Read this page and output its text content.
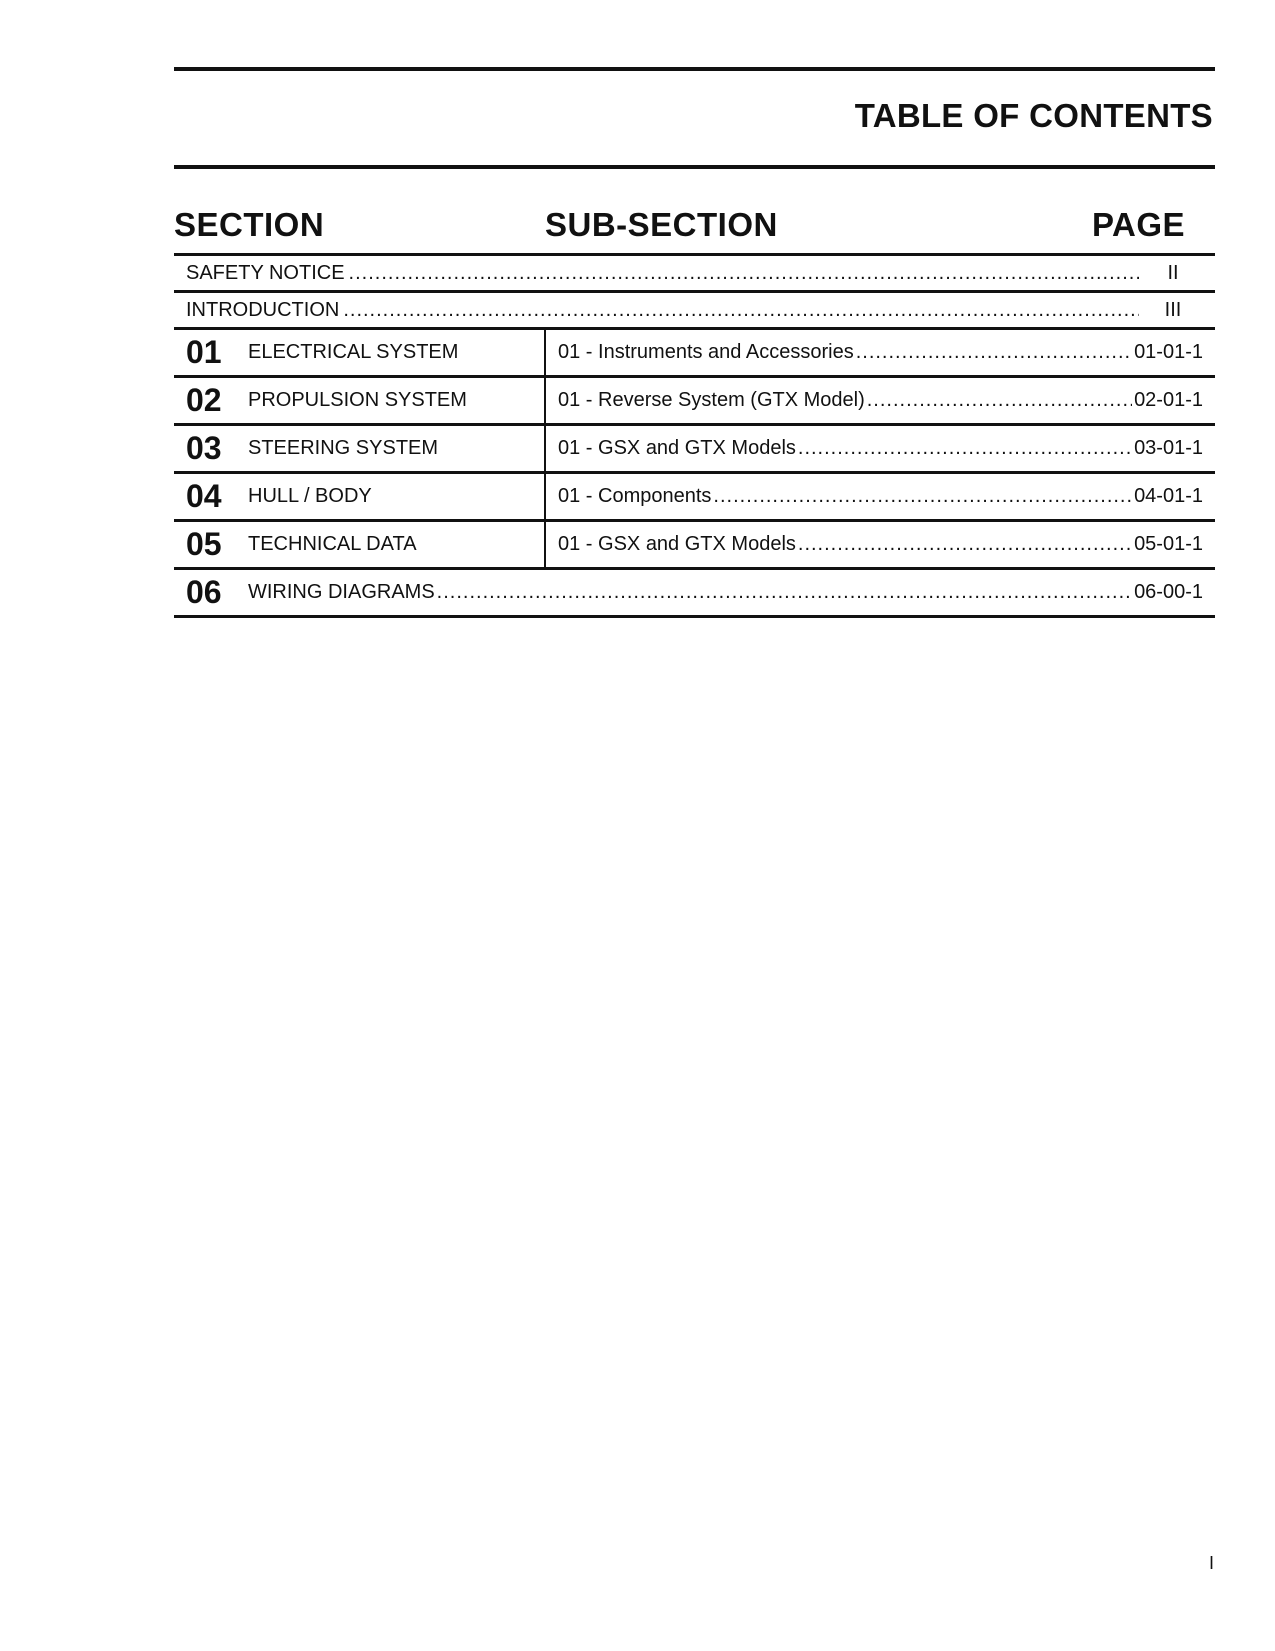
TABLE OF CONTENTS
SECTION	SUB-SECTION	PAGE
SAFETY NOTICE .....	II
INTRODUCTION .....	III
01 ELECTRICAL SYSTEM	01 - Instruments and Accessories .....	01-01-1
02 PROPULSION SYSTEM	01 - Reverse System (GTX Model) .....	02-01-1
03 STEERING SYSTEM	01 - GSX and GTX Models .....	03-01-1
04 HULL / BODY	01 - Components .....	04-01-1
05 TECHNICAL DATA	01 - GSX and GTX Models .....	05-01-1
06 WIRING DIAGRAMS .....	06-00-1
I
